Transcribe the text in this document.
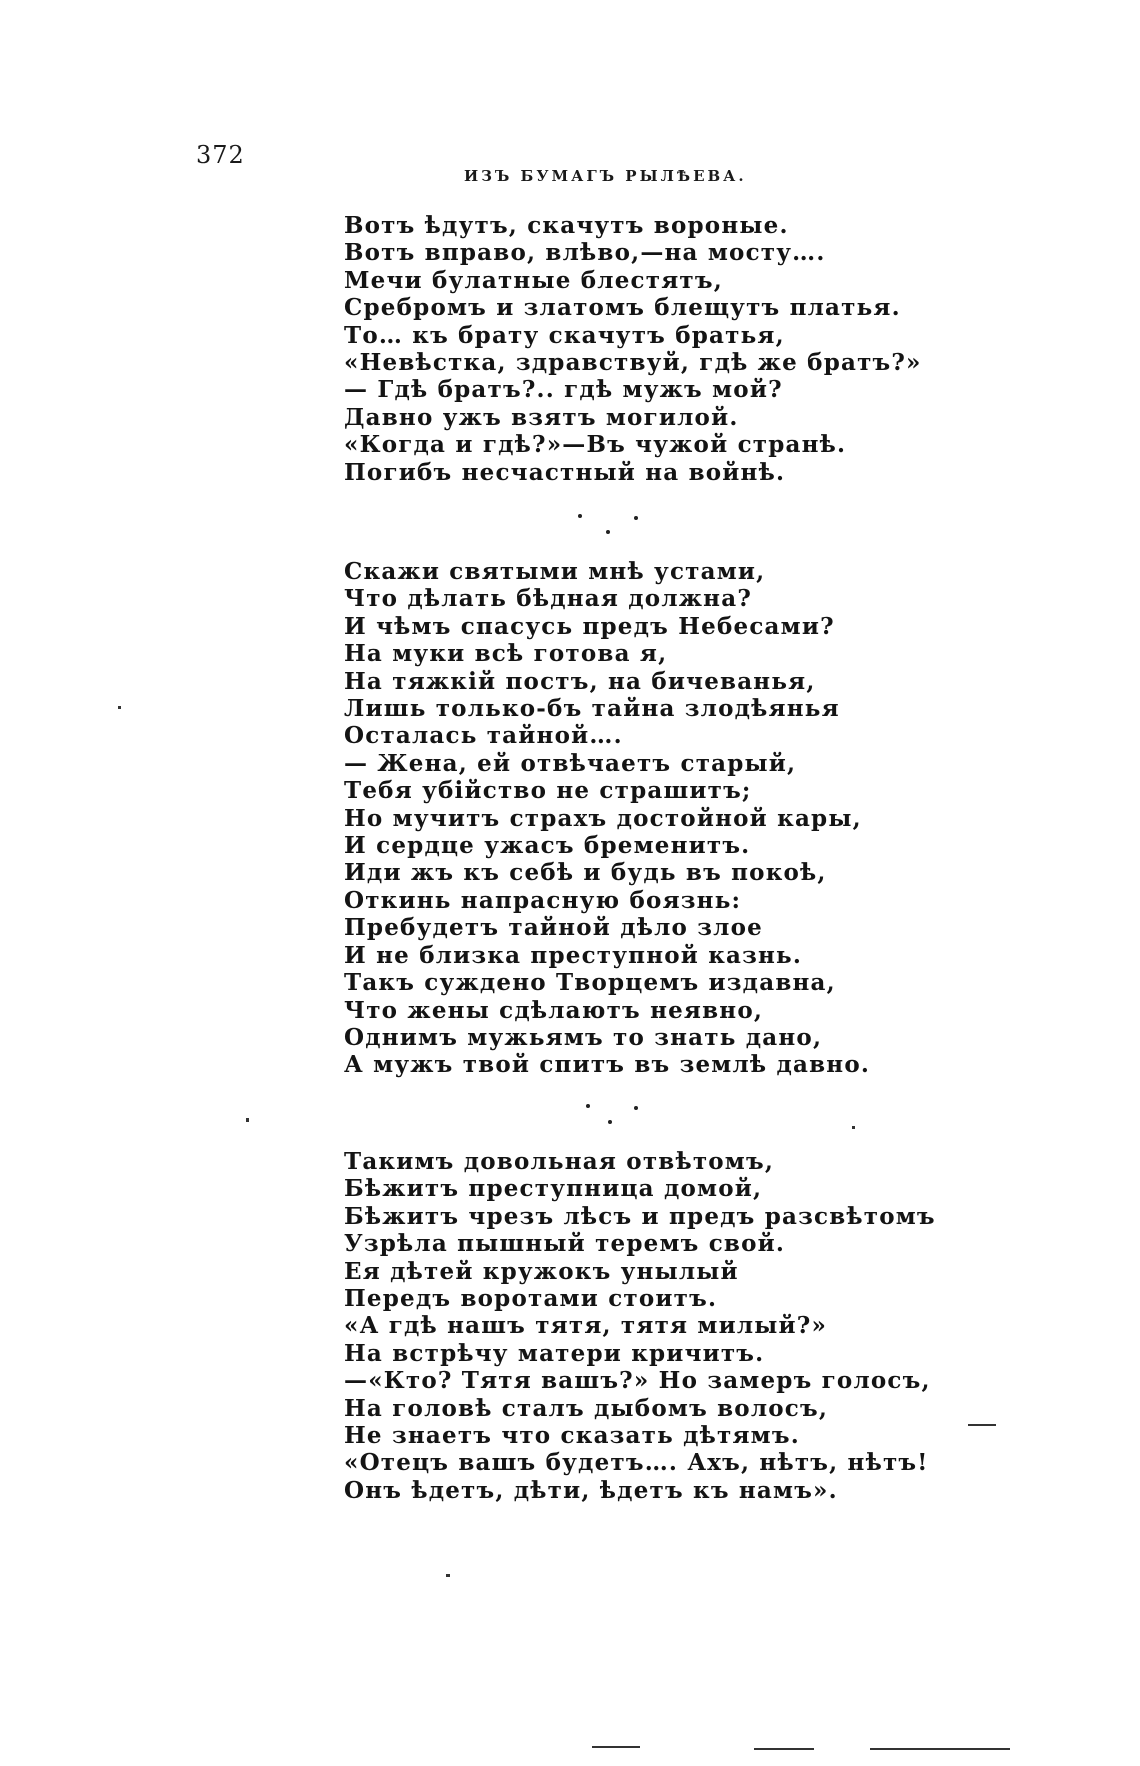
372
ИЗЪ БУМАГЪ РЫЛѢЕВА.
Вотъ ѣдутъ, скачутъ вороные.
Вотъ вправо, влѣво,—на мосту….
Мечи булатные блестятъ,
Сребромъ и златомъ блещутъ платья.
То… къ брату скачутъ братья,
«Невѣстка, здравствуй, гдѣ же братъ?»
— Гдѣ братъ?.. гдѣ мужъ мой?
Давно ужъ взятъ могилой.
«Когда и гдѣ?»—Въ чужой странѣ.
Погибъ несчастный на войнѣ.
Скажи святыми мнѣ устами,
Что дѣлать бѣдная должна?
И чѣмъ спасусь предъ Небесами?
На муки всѣ готова я,
На тяжкій постъ, на бичеванья,
Лишь только-бъ тайна злодѣянья
Осталась тайной….
— Жена, ей отвѣчаетъ старый,
Тебя убійство не страшитъ;
Но мучитъ страхъ достойной кары,
И сердце ужасъ бременитъ.
Иди жъ къ себѣ и будь въ покоѣ,
Откинь напрасную боязнь:
Пребудетъ тайной дѣло злое
И не близка преступной казнь.
Такъ суждено Творцемъ издавна,
Что жены сдѣлаютъ неявно,
Однимъ мужьямъ то знать дано,
А мужъ твой спитъ въ землѣ давно.
Такимъ довольная отвѣтомъ,
Бѣжитъ преступница домой,
Бѣжитъ чрезъ лѣсъ и предъ разсвѣтомъ
Узрѣла пышный теремъ свой.
Ея дѣтей кружокъ унылый
Передъ воротами стоитъ.
«А гдѣ нашъ тятя, тятя милый?»
На встрѣчу матери кричитъ.
—«Кто? Тятя вашъ?» Но замеръ голосъ,
На головѣ сталъ дыбомъ волосъ,
Не знаетъ что сказать дѣтямъ.
«Отецъ вашъ будетъ…. Ахъ, нѣтъ, нѣтъ!
Онъ ѣдетъ, дѣти, ѣдетъ къ намъ».
